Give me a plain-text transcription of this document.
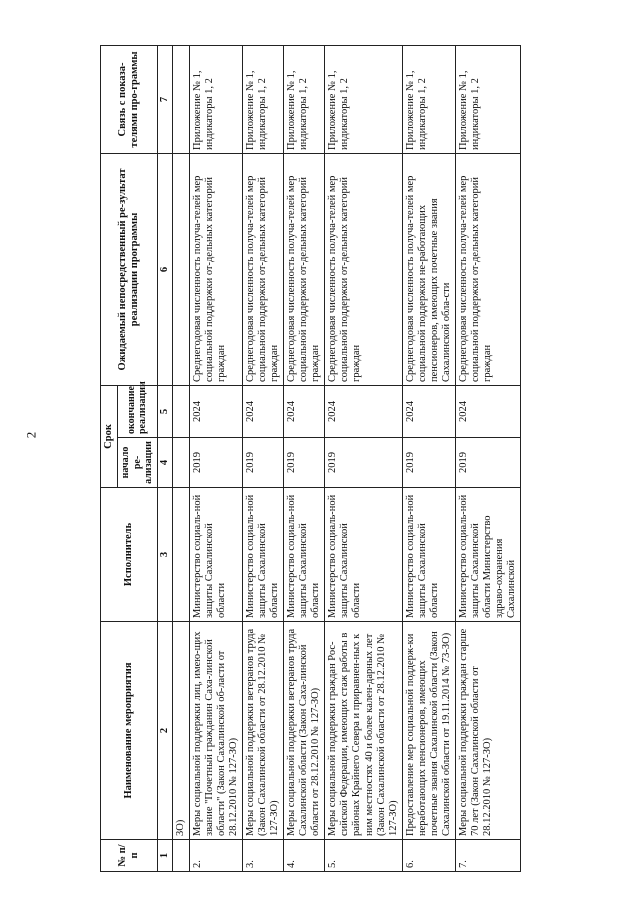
2
№ п/п	Наименование мероприятия	Исполнитель	Срок		Ожидаемый непосредственный ре-зультат реализации программы	Связь с показа-телями про-граммы
			начало ре-ализации	окончание реализации		
1	2	3	4	5	6	7
	3О)					
2.	Меры социальной поддержки лиц, имею-щих звание "Почетный гражданин Саха-линской области" (Закон Сахалинской об-ласти от 28.12.2010 № 127-ЗО)	Министерство социаль-ной защиты Сахалинской области	2019	2024	Среднегодовая численность получа-телей мер социальной поддержки от-дельных категорий граждан	Приложение № 1, индикаторы 1, 2
3.	Меры социальной поддержки ветеранов труда (Закон Сахалинской области от 28.12.2010 № 127-ЗО)	Министерство социаль-ной защиты Сахалинской области	2019	2024	Среднегодовая численность получа-телей мер социальной поддержки от-дельных категорий граждан	Приложение № 1, индикаторы 1, 2
4.	Меры социальной поддержки ветеранов труда Сахалинской области (Закон Саха-линской области от 28.12.2010 № 127-ЗО)	Министерство социаль-ной защиты Сахалинской области	2019	2024	Среднегодовая численность получа-телей мер социальной поддержки от-дельных категорий граждан	Приложение № 1, индикаторы 1, 2
5.	Меры социальной поддержки граждан Рос-сийской Федерации, имеющих стаж работы в районах Крайнего Севера и приравнен-ных к ним местностях 40 и более кален-дарных лет (Закон Сахалинской области от 28.12.2010 № 127-ЗО)	Министерство социаль-ной защиты Сахалинской области	2019	2024	Среднегодовая численность получа-телей мер социальной поддержки от-дельных категорий граждан	Приложение № 1, индикаторы 1, 2
6.	Предоставление мер социальной поддерж-ки неработающих пенсионеров, имеющих почетные звания Сахалинской области (Закон Сахалинской области от 19.11.2014 № 73-ЗО)	Министерство социаль-ной защиты Сахалинской области	2019	2024	Среднегодовая численность получа-телей мер социальной поддержки не-работающих пенсионеров, имеющих почетные звания Сахалинской обла-сти	Приложение № 1, индикаторы 1, 2
7.	Меры социальной поддержки граждан старше 70 лет (Закон Сахалинской области от 28.12.2010 № 127-ЗО)	Министерство социаль-ной защиты Сахалинской области Министерство здраво-охранения Сахалинской	2019	2024	Среднегодовая численность получа-телей мер социальной поддержки от-дельных категорий граждан	Приложение № 1, индикаторы 1, 2
